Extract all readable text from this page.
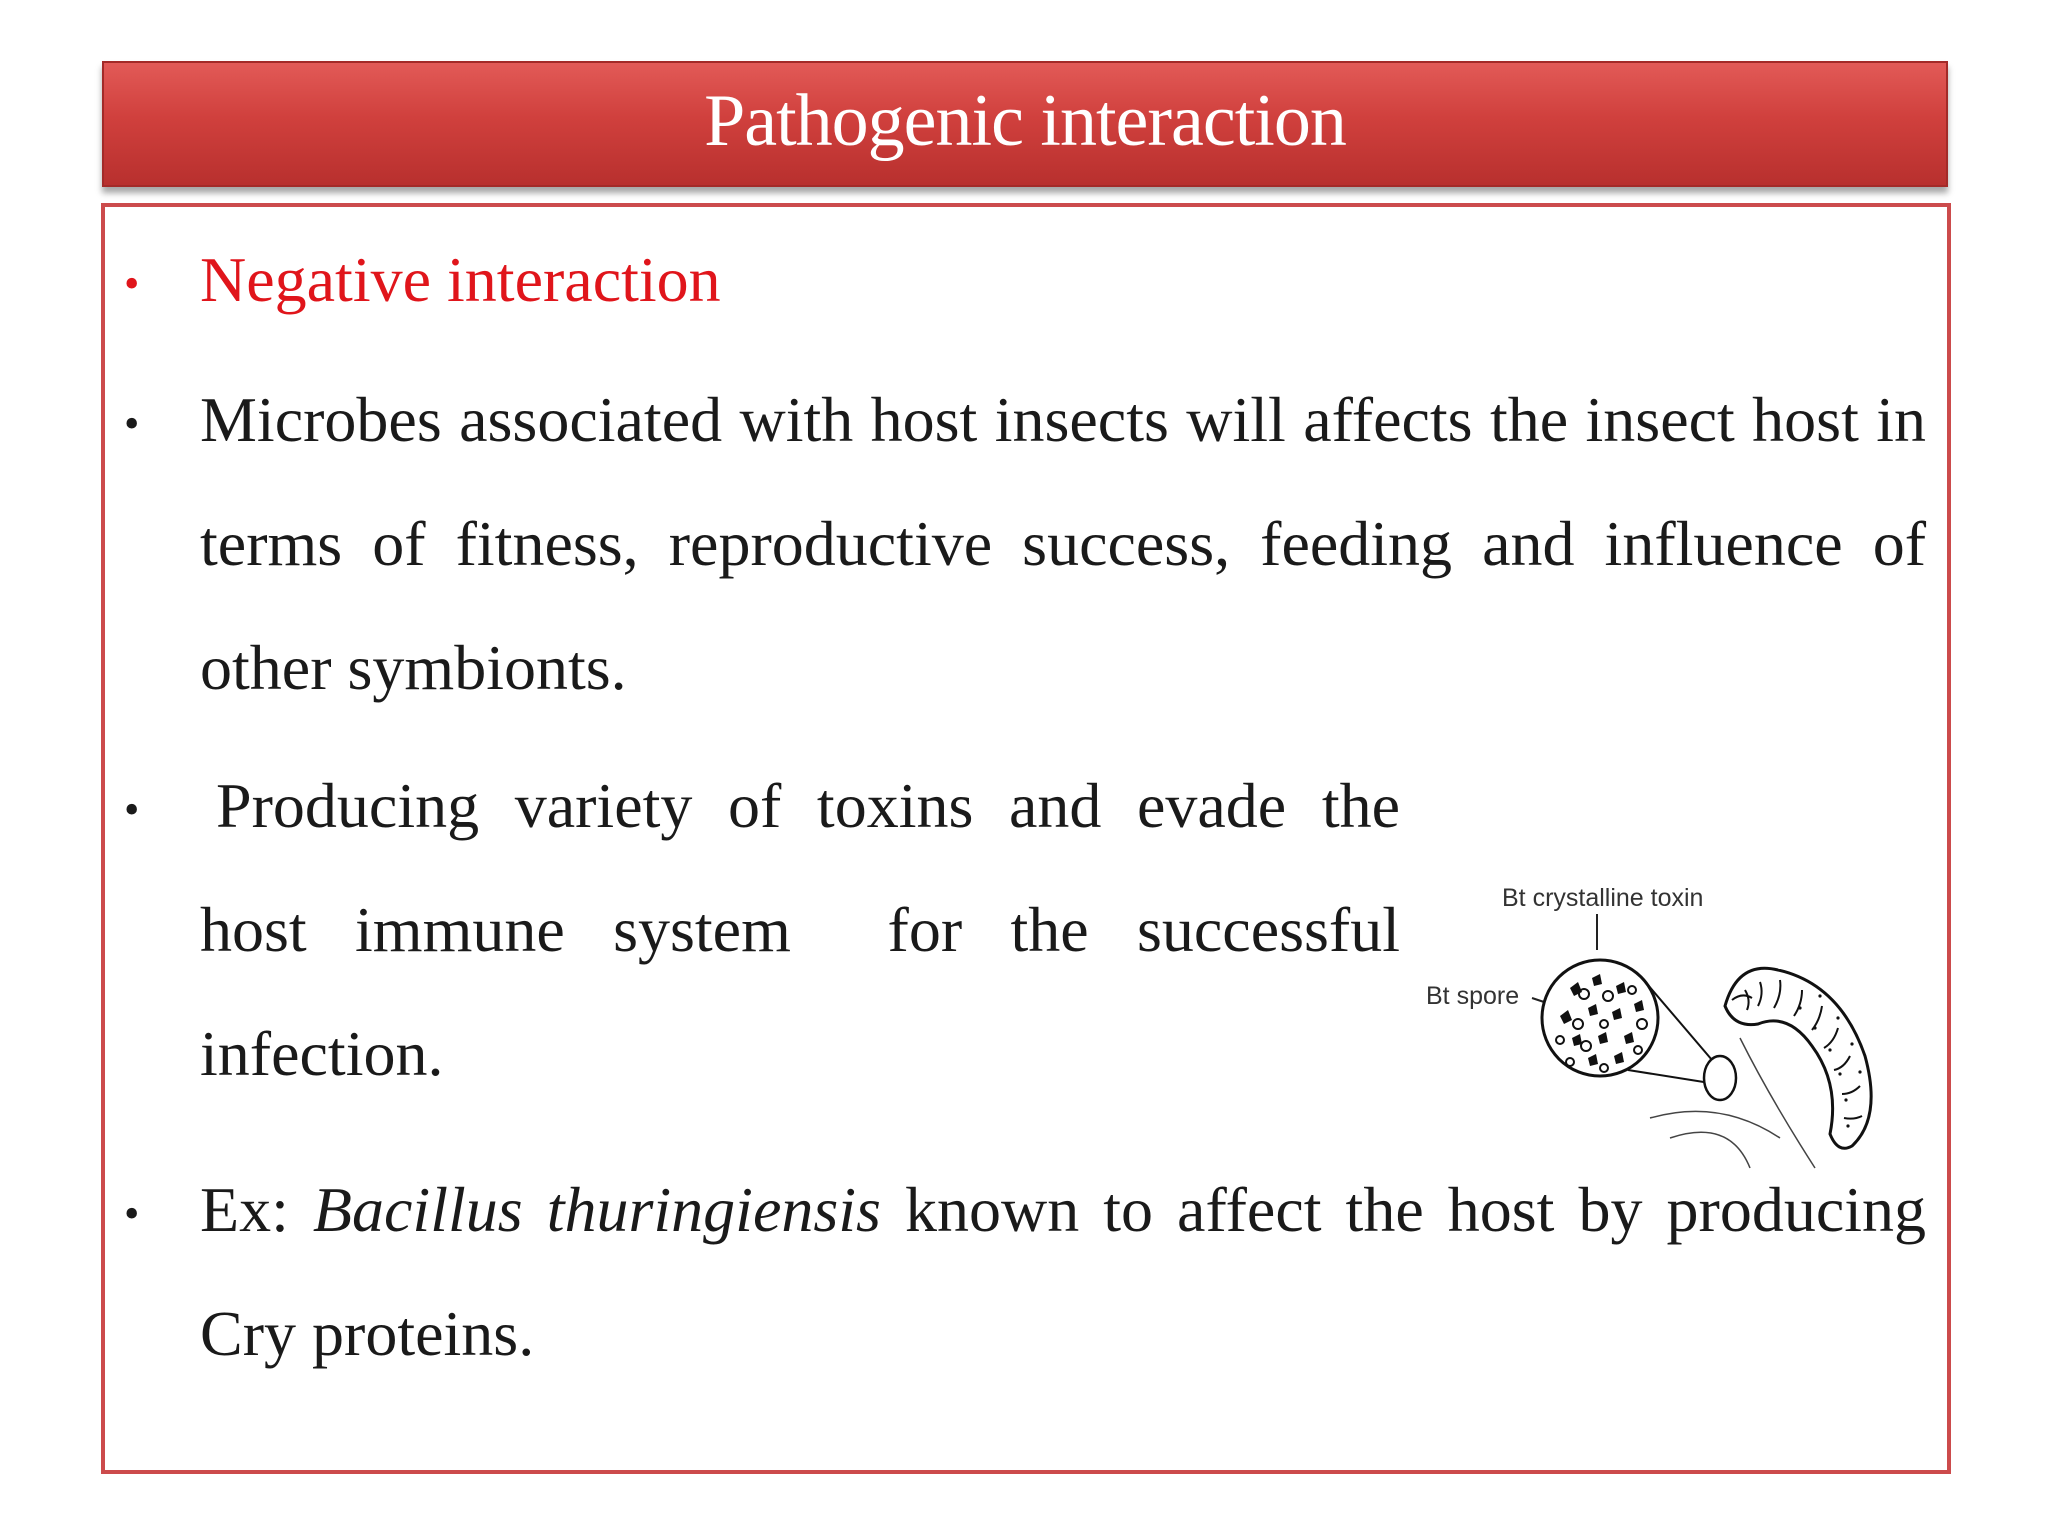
Pathogenic interaction
• Negative interaction
• Microbes associated with host insects will affects the insect host in terms of fitness, reproductive success, feeding and influence of other symbionts.
• Producing variety of toxins and evade the host immune system  for the successful infection.
Bt crystalline toxin
Bt spore
• Ex: Bacillus thuringiensis known to affect the host by producing Cry proteins.
